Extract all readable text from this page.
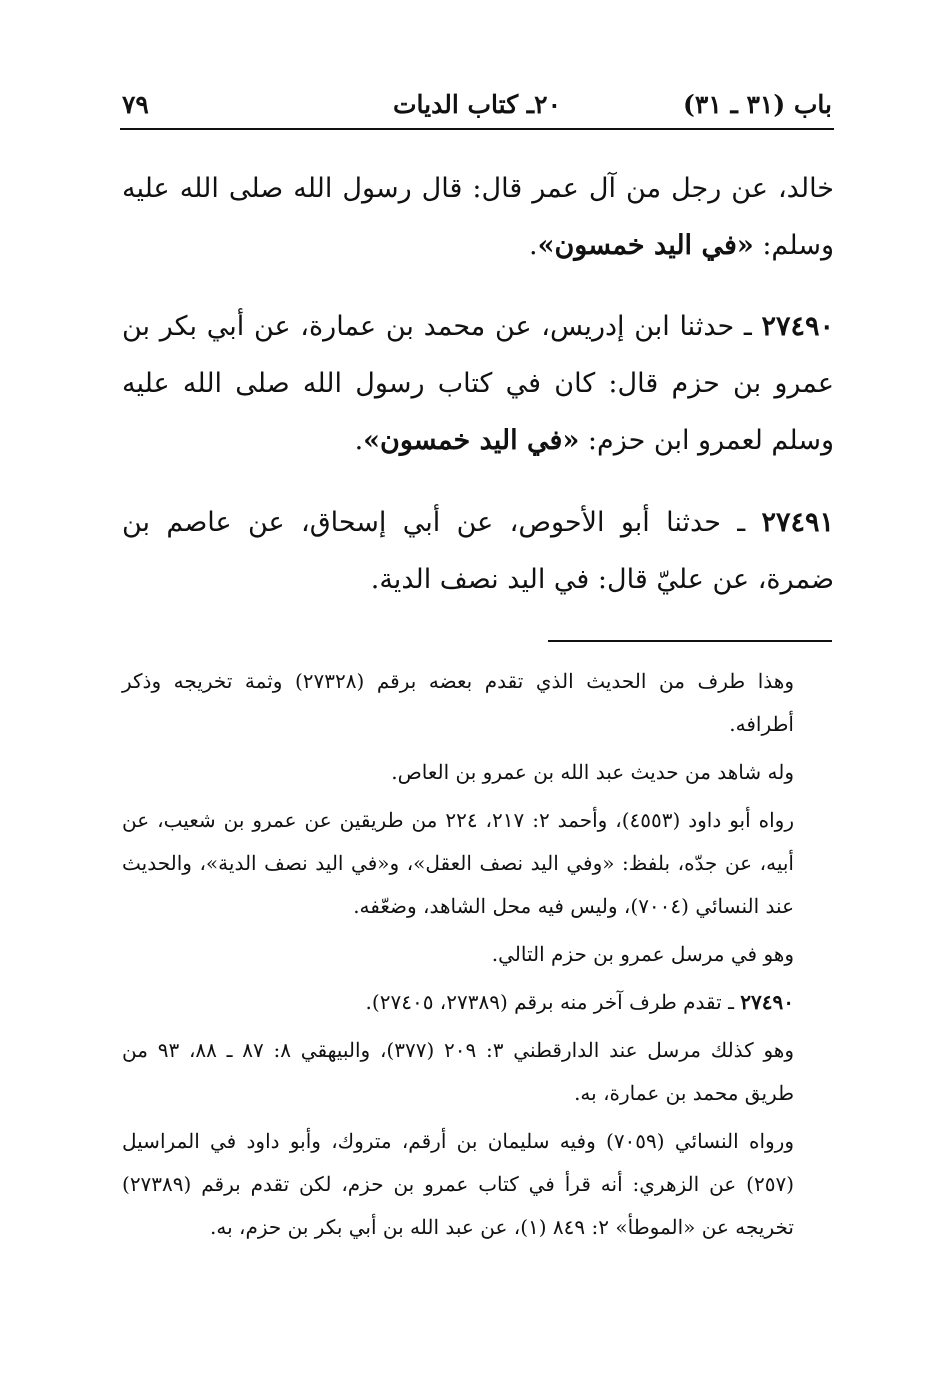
باب (٣١ ـ ٣١)
٢٠ـ كتاب الديات
٧٩

خالد، عن رجل من آل عمر قال: قال رسول الله صلى الله عليه وسلم: «في اليد خمسون».

٢٧٤٩٠ ـ حدثنا ابن إدريس، عن محمد بن عمارة، عن أبي بكر بن عمرو بن حزم قال: كان في كتاب رسول الله صلى الله عليه وسلم لعمرو ابن حزم: «في اليد خمسون».

٢٧٤٩١ ـ حدثنا أبو الأحوص، عن أبي إسحاق، عن عاصم بن ضمرة، عن عليّ قال: في اليد نصف الدية.

وهذا طرف من الحديث الذي تقدم بعضه برقم (٢٧٣٢٨) وثمة تخريجه وذكر أطرافه.

وله شاهد من حديث عبد الله بن عمرو بن العاص.

رواه أبو داود (٤٥٥٣)، وأحمد ٢: ٢١٧، ٢٢٤ من طريقين عن عمرو بن شعيب، عن أبيه، عن جدّه، بلفظ: «وفي اليد نصف العقل»، و«في اليد نصف الدية»، والحديث عند النسائي (٧٠٠٤)، وليس فيه محل الشاهد، وضعّفه.

وهو في مرسل عمرو بن حزم التالي.

٢٧٤٩٠ ـ تقدم طرف آخر منه برقم (٢٧٣٨٩، ٢٧٤٠٥).

وهو كذلك مرسل عند الدارقطني ٣: ٢٠٩ (٣٧٧)، والبيهقي ٨: ٨٧ ـ ٨٨، ٩٣ من طريق محمد بن عمارة، به.

ورواه النسائي (٧٠٥٩) وفيه سليمان بن أرقم، متروك، وأبو داود في المراسيل (٢٥٧) عن الزهري: أنه قرأ في كتاب عمرو بن حزم، لكن تقدم برقم (٢٧٣٨٩) تخريجه عن «الموطأ» ٢: ٨٤٩ (١)، عن عبد الله بن أبي بكر بن حزم، به.
